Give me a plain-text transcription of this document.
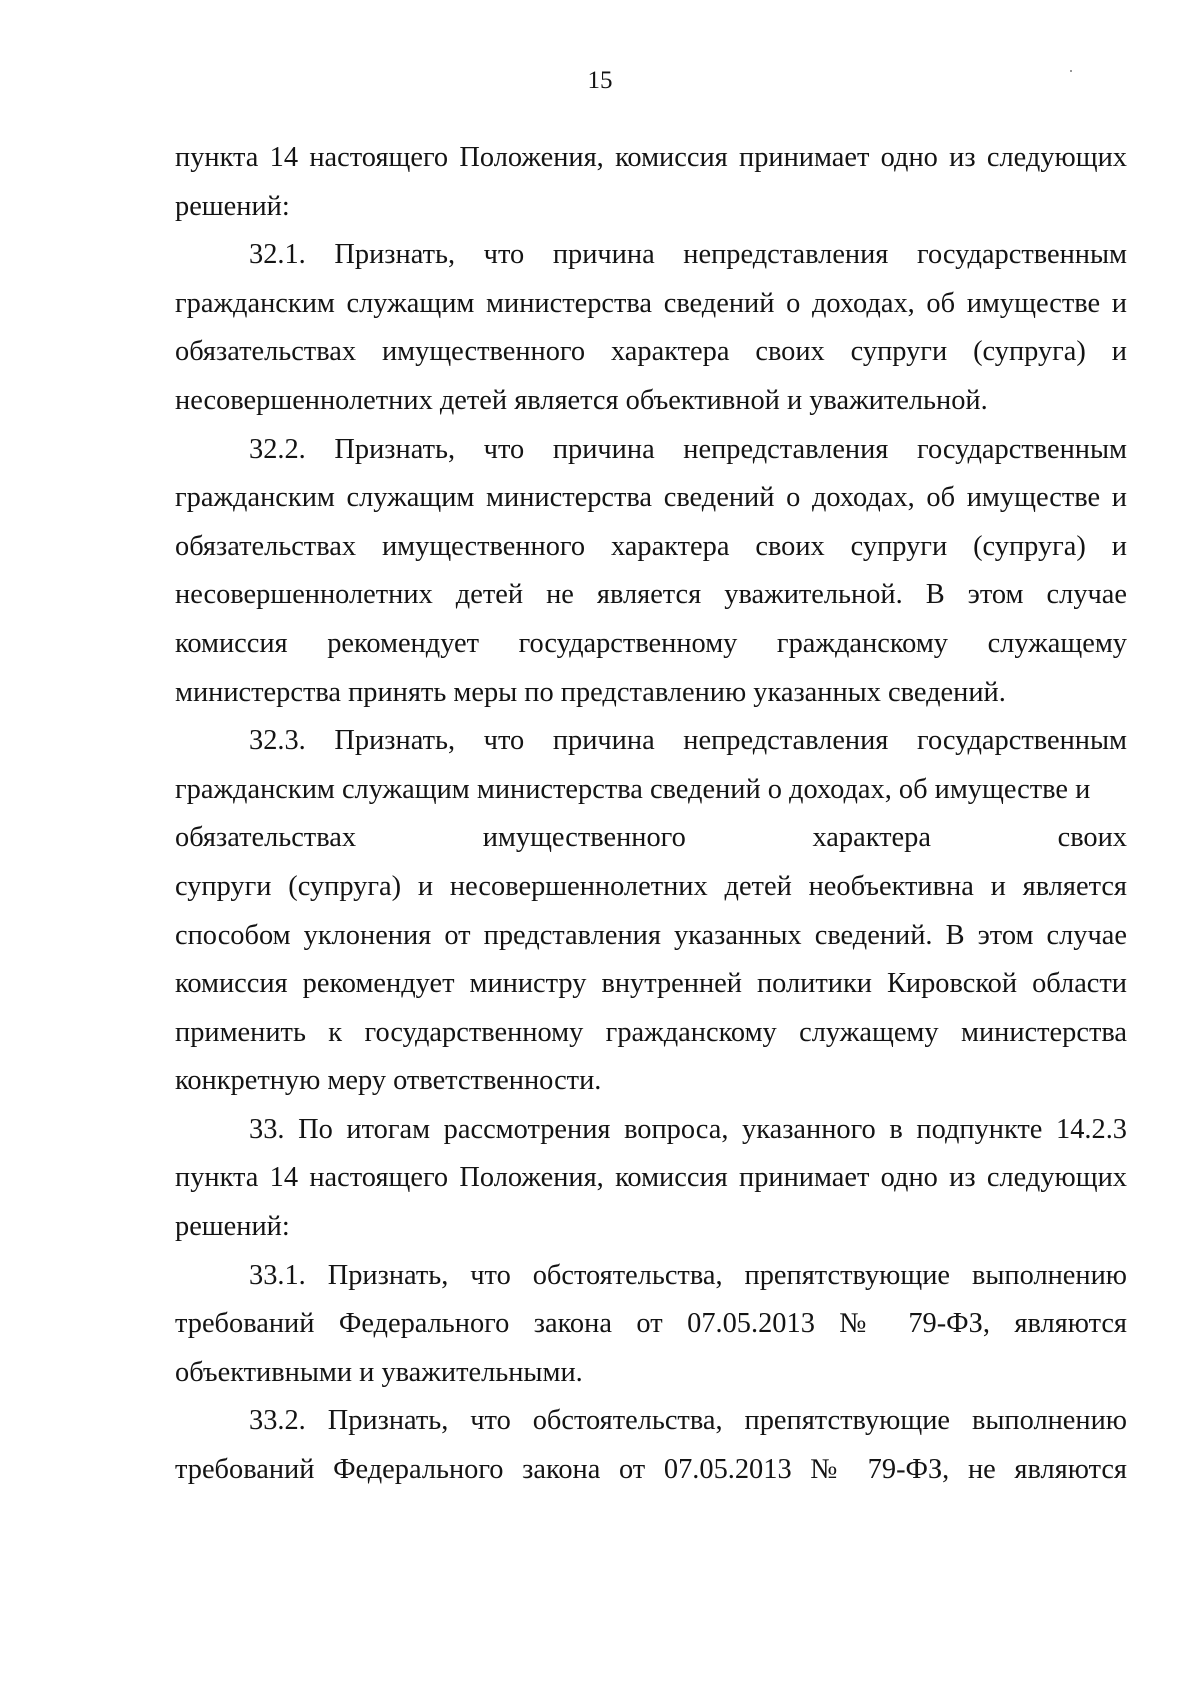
15

пункта 14 настоящего Положения, комиссия принимает одно из следующих решений:

32.1. Признать, что причина непредставления государственным гражданским служащим министерства сведений о доходах, об имуществе и обязательствах имущественного характера своих супруги (супруга) и несовершеннолетних детей является объективной и уважительной.

32.2. Признать, что причина непредставления государственным гражданским служащим министерства сведений о доходах, об имуществе и обязательствах имущественного характера своих супруги (супруга) и несовершеннолетних детей не является уважительной. В этом случае комиссия рекомендует государственному гражданскому служащему министерства принять меры по представлению указанных сведений.

32.3. Признать, что причина непредставления государственным гражданским служащим министерства сведений о доходах, об имуществе и

обязательствах имущественного характера своих

супруги (супруга) и несовершеннолетних детей необъективна и является способом уклонения от представления указанных сведений. В этом случае комиссия рекомендует министру внутренней политики Кировской области применить к государственному гражданскому служащему министерства конкретную меру ответственности.

33. По итогам рассмотрения вопроса, указанного в подпункте 14.2.3 пункта 14 настоящего Положения, комиссия принимает одно из следующих решений:

33.1. Признать, что обстоятельства, препятствующие выполнению требований Федерального закона от 07.05.2013 № 79-ФЗ, являются объективными и уважительными.

33.2. Признать, что обстоятельства, препятствующие выполнению требований Федерального закона от 07.05.2013 № 79-ФЗ, не являются
